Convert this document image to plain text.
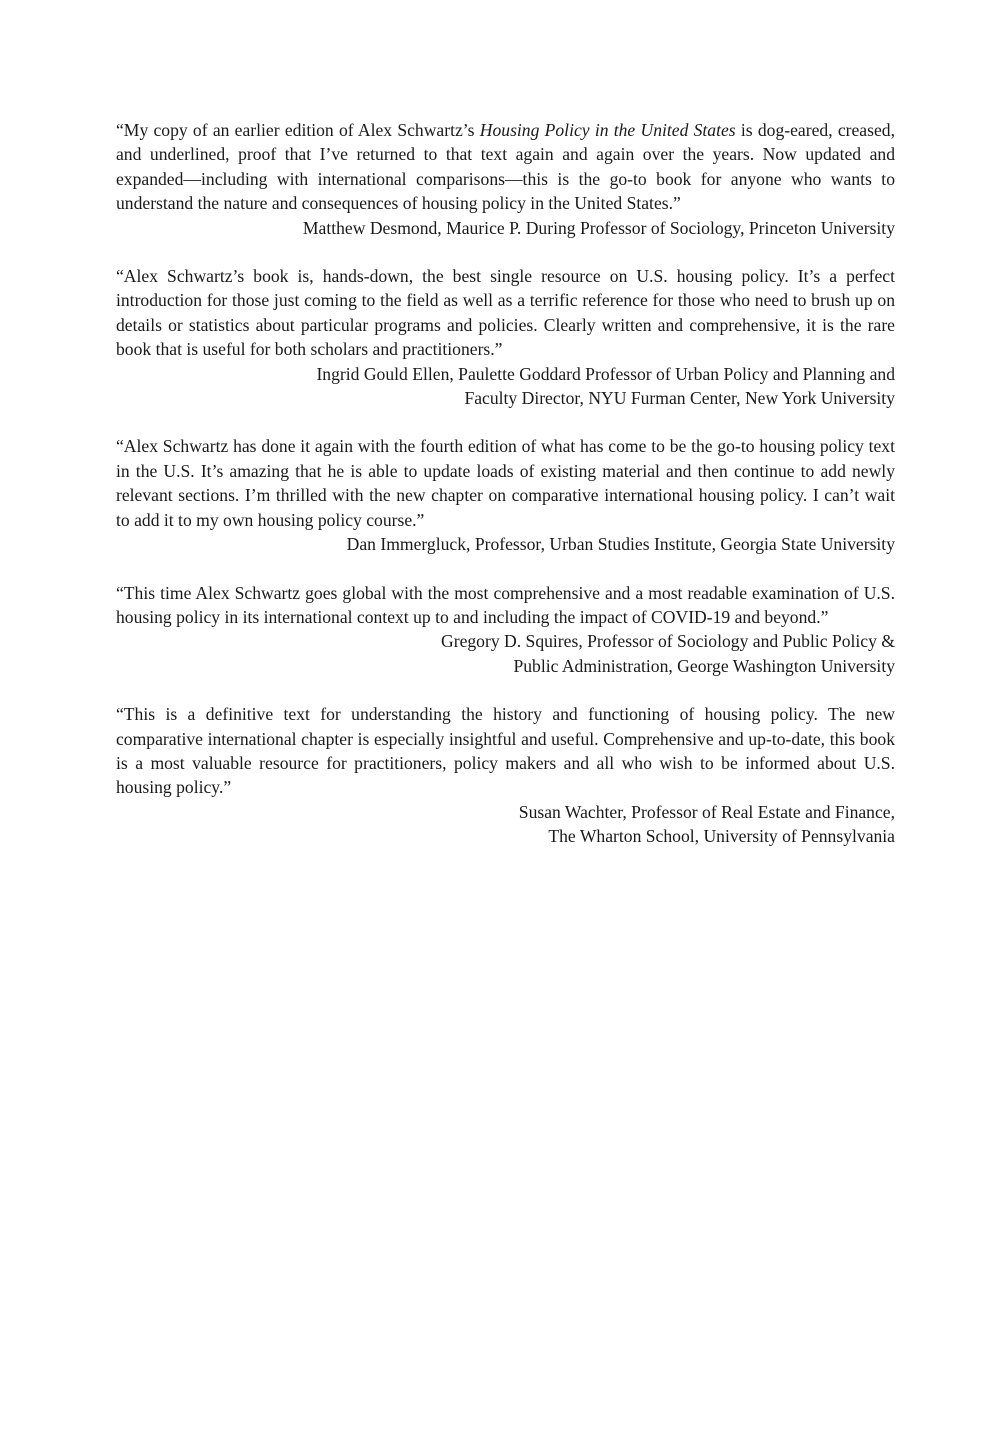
“My copy of an earlier edition of Alex Schwartz’s Housing Policy in the United States is dog-eared, creased, and underlined, proof that I’ve returned to that text again and again over the years. Now updated and expanded—including with international comparisons—this is the go-to book for anyone who wants to understand the nature and consequences of housing policy in the United States.”

Matthew Desmond, Maurice P. During Professor of Sociology, Princeton University

“Alex Schwartz’s book is, hands-down, the best single resource on U.S. housing policy. It’s a perfect introduction for those just coming to the field as well as a terrific reference for those who need to brush up on details or statistics about particular programs and policies. Clearly written and comprehensive, it is the rare book that is useful for both scholars and practitioners.”

Ingrid Gould Ellen, Paulette Goddard Professor of Urban Policy and Planning and
Faculty Director, NYU Furman Center, New York University

“Alex Schwartz has done it again with the fourth edition of what has come to be the go-to housing policy text in the U.S. It’s amazing that he is able to update loads of existing material and then continue to add newly relevant sections. I’m thrilled with the new chapter on comparative international housing policy. I can’t wait to add it to my own housing policy course.”

Dan Immergluck, Professor, Urban Studies Institute, Georgia State University

“This time Alex Schwartz goes global with the most comprehensive and a most readable examination of U.S. housing policy in its international context up to and including the impact of COVID-19 and beyond.”

Gregory D. Squires, Professor of Sociology and Public Policy &
Public Administration, George Washington University

“This is a definitive text for understanding the history and functioning of housing policy. The new comparative international chapter is especially insightful and useful. Comprehensive and up-to-date, this book is a most valuable resource for practitioners, policy makers and all who wish to be informed about U.S. housing policy.”

Susan Wachter, Professor of Real Estate and Finance,
The Wharton School, University of Pennsylvania
